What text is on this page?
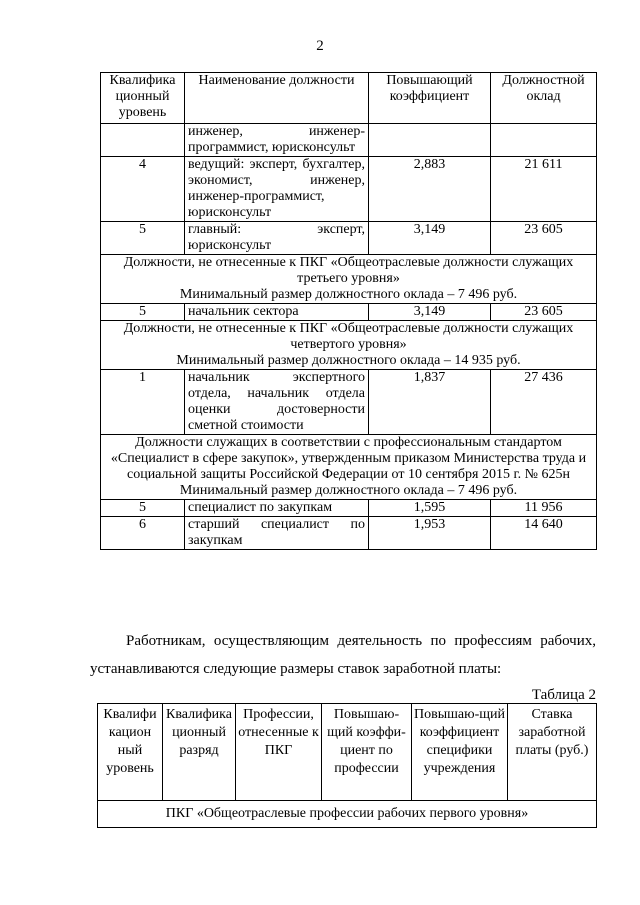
2
Квалифика ционный уровень	Наименование должности	Повышающий коэффициент	Должностной оклад
	инженер, инженер-программист, юрисконсульт		
4	ведущий: эксперт, бухгалтер, экономист, инженер, инженер-программист, юрисконсульт	2,883	21 611
5	главный: эксперт, юрисконсульт	3,149	23 605

Должности, не отнесенные к ПКГ «Общеотраслевые должности служащих третьего уровня»
Минимальный размер должностного оклада – 7 496 руб.			

5	начальник сектора	3,149	23 605

Должности, не отнесенные к ПКГ «Общеотраслевые должности служащих четвертого уровня»
Минимальный размер должностного оклада – 14 935 руб.			

1	начальник экспертного отдела, начальник отдела оценки достоверности сметной стоимости	1,837	27 436

Должности служащих в соответствии с профессиональным стандартом «Специалист в сфере закупок», утвержденным приказом Министерства труда и социальной защиты Российской Федерации от 10 сентября 2015 г. № 625н
Минимальный размер должностного оклада – 7 496 руб.			

5	специалист по закупкам	1,595	11 956
6	старший специалист по закупкам	1,953	14 640
Работникам, осуществляющим деятельность по профессиям рабочих,
устанавливаются следующие размеры ставок заработной платы:
Таблица 2
Квалифи кацион ный уровень	Квалифика ционный разряд	Профессии, отнесенные к ПКГ	Повышаю-щий коэффи-циент по профессии	Повышаю-щий коэффициент специфики учреждения	Ставка заработной платы (руб.)
ПКГ «Общеотраслевые профессии рабочих первого уровня»
